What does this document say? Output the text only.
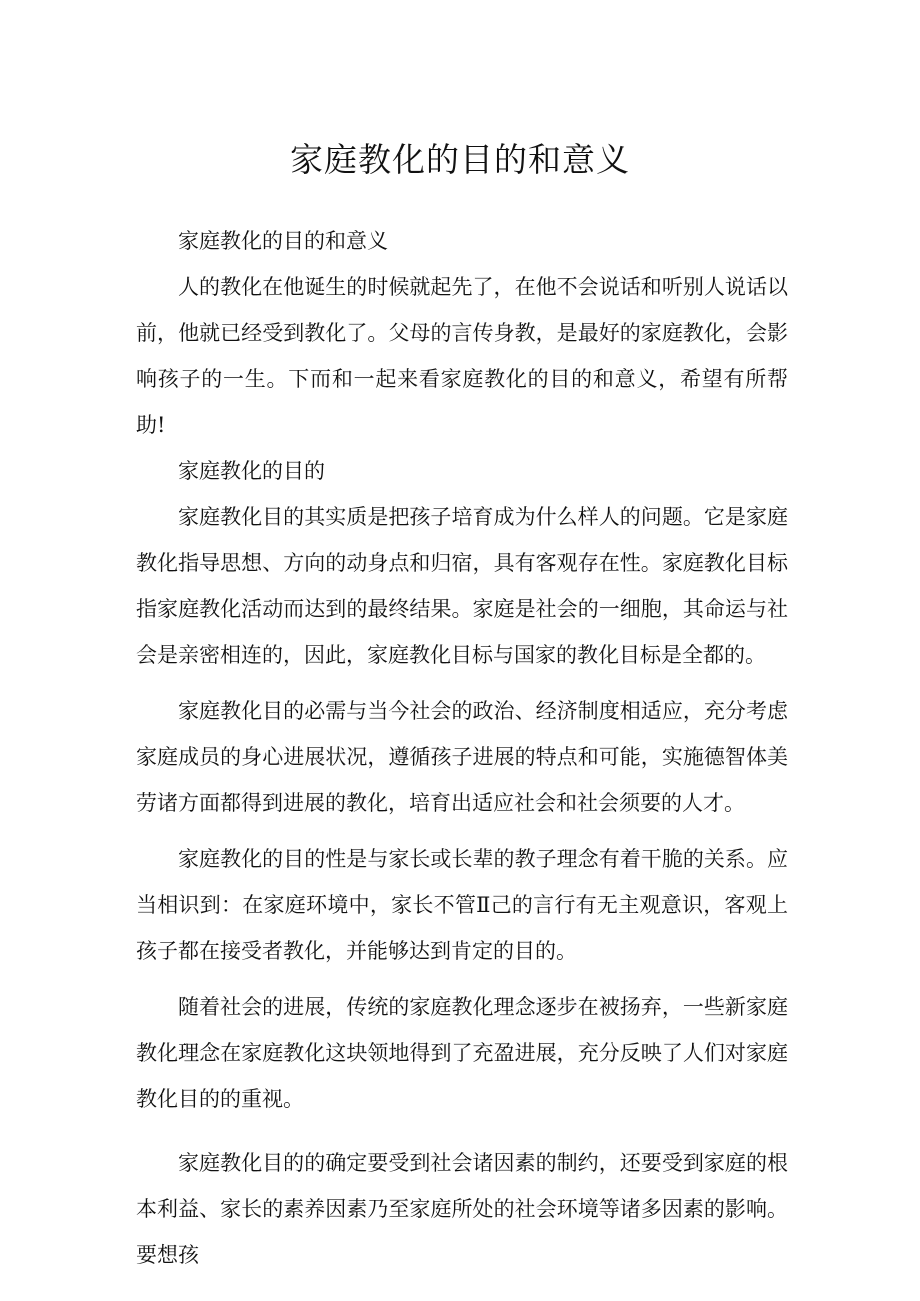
家庭教化的目的和意义

家庭教化的目的和意义

人的教化在他诞生的时候就起先了，在他不会说话和听别人说话以前，他就已经受到教化了。父母的言传身教，是最好的家庭教化，会影响孩子的一生。下而和一起来看家庭教化的目的和意义，希望有所帮助!

家庭教化的目的

家庭教化目的其实质是把孩子培育成为什么样人的问题。它是家庭教化指导思想、方向的动身点和归宿，具有客观存在性。家庭教化目标指家庭教化活动而达到的最终结果。家庭是社会的一细胞，其命运与社会是亲密相连的，因此，家庭教化目标与国家的教化目标是全都的。

家庭教化目的必需与当今社会的政治、经济制度相适应，充分考虑家庭成员的身心进展状况，遵循孩子进展的特点和可能，实施德智体美劳诸方面都得到进展的教化，培育出适应社会和社会须要的人才。

家庭教化的目的性是与家长或长辈的教子理念有着干脆的关系。应当相识到：在家庭环境中，家长不管Ⅱ己的言行有无主观意识，客观上孩子都在接受者教化，并能够达到肯定的目的。

随着社会的进展，传统的家庭教化理念逐步在被扬弃，一些新家庭教化理念在家庭教化这块领地得到了充盈进展，充分反映了人们对家庭教化目的的重视。

家庭教化目的的确定要受到社会诸因素的制约，还要受到家庭的根本利益、家长的素养因素乃至家庭所处的社会环境等诸多因素的影响。要想孩
